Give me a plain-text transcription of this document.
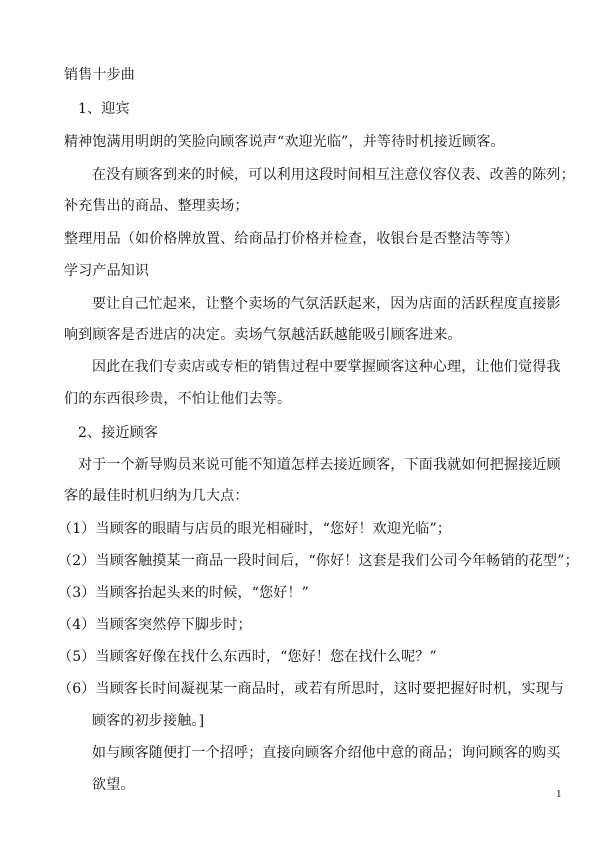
销售十步曲
1、迎宾
精神饱满用明朗的笑脸向顾客说声“欢迎光临”，并等待时机接近顾客。
在没有顾客到来的时候，可以利用这段时间相互注意仪容仪表、改善的陈列；
补充售出的商品、整理卖场；
整理用品（如价格牌放置、给商品打价格并检查，收银台是否整洁等等）
学习产品知识
要让自己忙起来，让整个卖场的气氛活跃起来，因为店面的活跃程度直接影
响到顾客是否进店的决定。卖场气氛越活跃越能吸引顾客进来。
因此在我们专卖店或专柜的销售过程中要掌握顾客这种心理，让他们觉得我
们的东西很珍贵，不怕让他们去等。
2、接近顾客
对于一个新导购员来说可能不知道怎样去接近顾客，下面我就如何把握接近顾
客的最佳时机归纳为几大点：
（1）当顾客的眼睛与店员的眼光相碰时，“您好！欢迎光临”；
（2）当顾客触摸某一商品一段时间后，“你好！这套是我们公司今年畅销的花型”；
（3）当顾客抬起头来的时候，“您好！”
（4）当顾客突然停下脚步时；
（5）当顾客好像在找什么东西时，“您好！您在找什么呢？”
（6）当顾客长时间凝视某一商品时，或若有所思时，这时要把握好时机，实现与
顾客的初步接触。]
如与顾客随便打一个招呼；直接向顾客介绍他中意的商品；询问顾客的购买
欲望。
1
